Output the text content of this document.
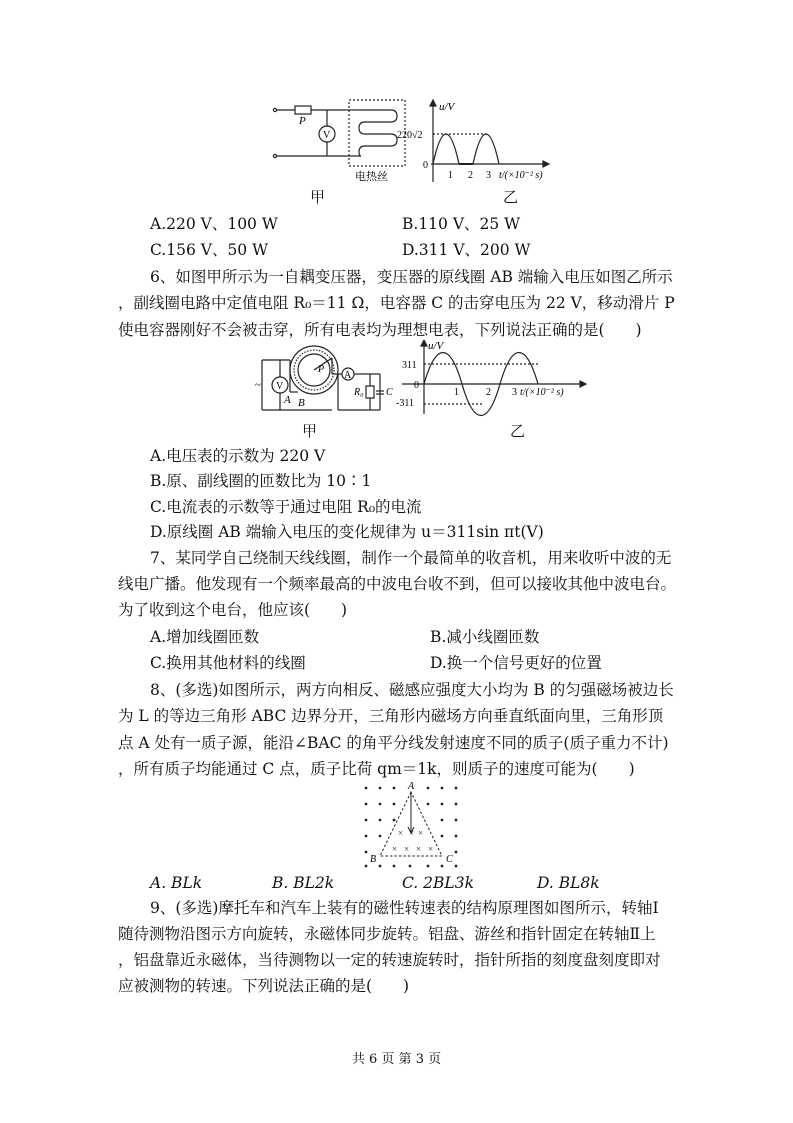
P
V
电热丝
u/V
220√2
0
1 2 3 t/(×10⁻² s)
甲	乙
A.220 V、100 W	B.110 V、25 W
C.156 V、50 W	D.311 V、200 W
6、如图甲所示为一自耦变压器，变压器的原线圈 AB 端输入电压如图乙所示
，副线圈电路中定值电阻 R₀＝11 Ω，电容器 C 的击穿电压为 22 V，移动滑片 P
使电容器刚好不会被击穿，所有电表均为理想电表，下列说法正确的是(　　)
~ V
A
A B
P
R₀ C
u/V
311
0
-311
1	2 3 t/(×10⁻² s)
甲	乙
A.电压表的示数为 220 V
B.原、副线圈的匝数比为 10∶1
C.电流表的示数等于通过电阻 R₀的电流
D.原线圈 AB 端输入电压的变化规律为 u＝311sin πt(V)
7、某同学自己绕制天线线圈，制作一个最简单的收音机，用来收听中波的无
线电广播。他发现有一个频率最高的中波电台收不到，但可以接收其他中波电台。
为了收到这个电台，他应该(　　)
A.增加线圈匝数	B.减小线圈匝数
C.换用其他材料的线圈	D.换一个信号更好的位置
8、(多选)如图所示，两方向相反、磁感应强度大小均为 B 的匀强磁场被边长
为 L 的等边三角形 ABC 边界分开，三角形内磁场方向垂直纸面向里，三角形顶
点 A 处有一质子源，能沿∠BAC 的角平分线发射速度不同的质子(质子重力不计)
，所有质子均能通过 C 点，质子比荷 qm＝1k，则质子的速度可能为(　　)
× × ×
× × × ×
A
B	C
A. BLk	B. BL2k	C. 2BL3k	D. BL8k
9、(多选)摩托车和汽车上装有的磁性转速表的结构原理图如图所示，转轴Ⅰ
随待测物沿图示方向旋转，永磁体同步旋转。铝盘、游丝和指针固定在转轴Ⅱ上
，铝盘靠近永磁体，当待测物以一定的转速旋转时，指针所指的刻度盘刻度即对
应被测物的转速。下列说法正确的是(　　)
共 6 页 第 3 页
